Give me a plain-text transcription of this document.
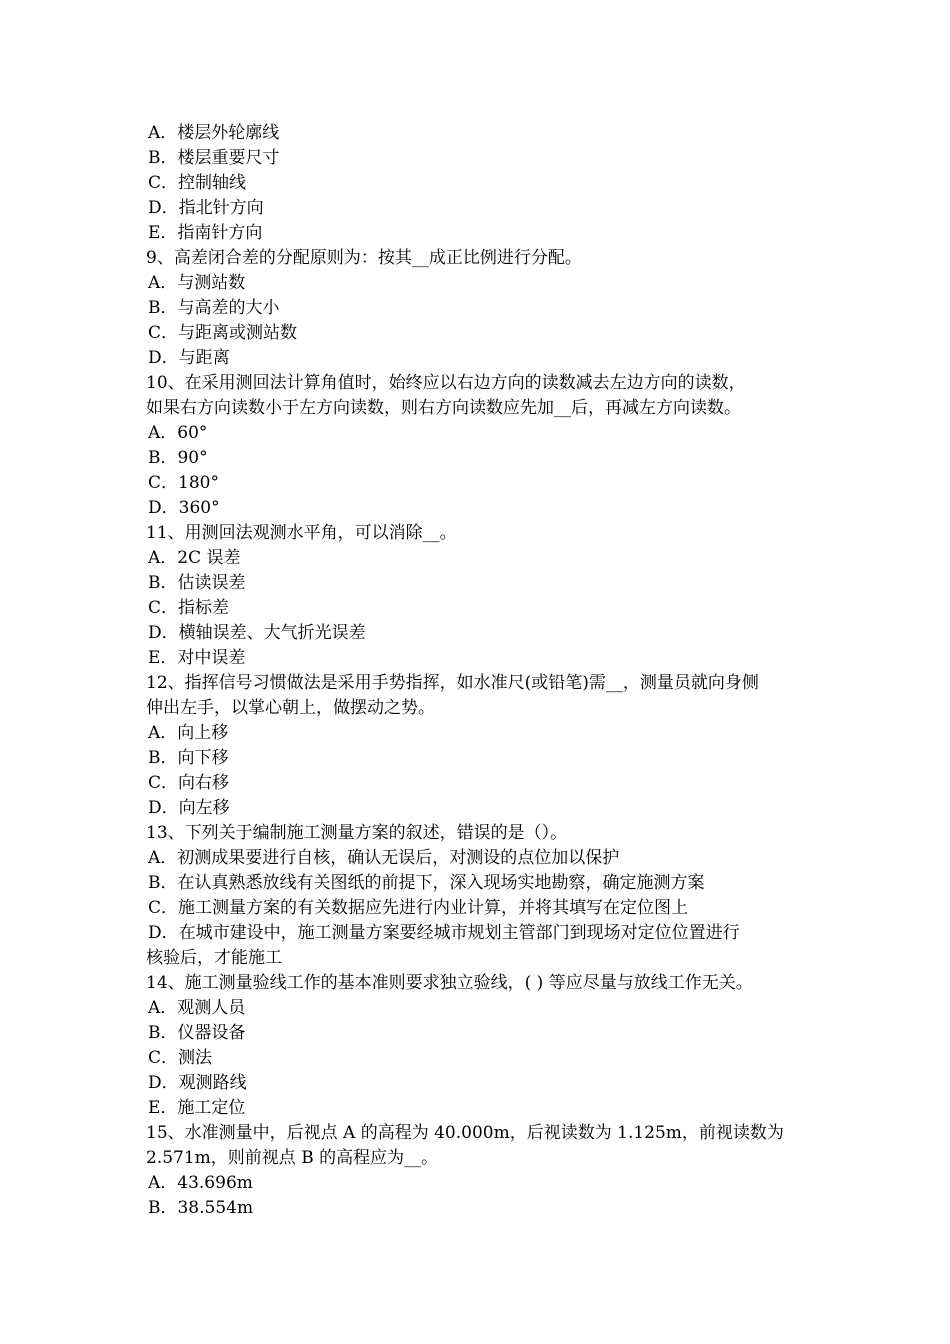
A．楼层外轮廓线
B．楼层重要尺寸
C．控制轴线
D．指北针方向
E．指南针方向
9、高差闭合差的分配原则为：按其__成正比例进行分配。
A．与测站数
B．与高差的大小
C．与距离或测站数
D．与距离
10、在采用测回法计算角值时，始终应以右边方向的读数减去左边方向的读数，
如果右方向读数小于左方向读数，则右方向读数应先加__后，再减左方向读数。
A．60°
B．90°
C．180°
D．360°
11、用测回法观测水平角，可以消除__。
A．2C 误差
B．估读误差
C．指标差
D．横轴误差、大气折光误差
E．对中误差
12、指挥信号习惯做法是采用手势指挥，如水准尺(或铅笔)需__，测量员就向身侧
伸出左手，以掌心朝上，做摆动之势。
A．向上移
B．向下移
C．向右移
D．向左移
13、下列关于编制施工测量方案的叙述，错误的是（）。
A．初测成果要进行自核，确认无误后，对测设的点位加以保护
B．在认真熟悉放线有关图纸的前提下，深入现场实地勘察，确定施测方案
C．施工测量方案的有关数据应先进行内业计算，并将其填写在定位图上
D．在城市建设中，施工测量方案要经城市规划主管部门到现场对定位位置进行
核验后，才能施工
14、施工测量验线工作的基本准则要求独立验线，( ) 等应尽量与放线工作无关。
A．观测人员
B．仪器设备
C．测法
D．观测路线
E．施工定位
15、水准测量中，后视点 A 的高程为 40.000m，后视读数为 1.125m，前视读数为
2.571m，则前视点 B 的高程应为__。
A．43.696m
B．38.554m
